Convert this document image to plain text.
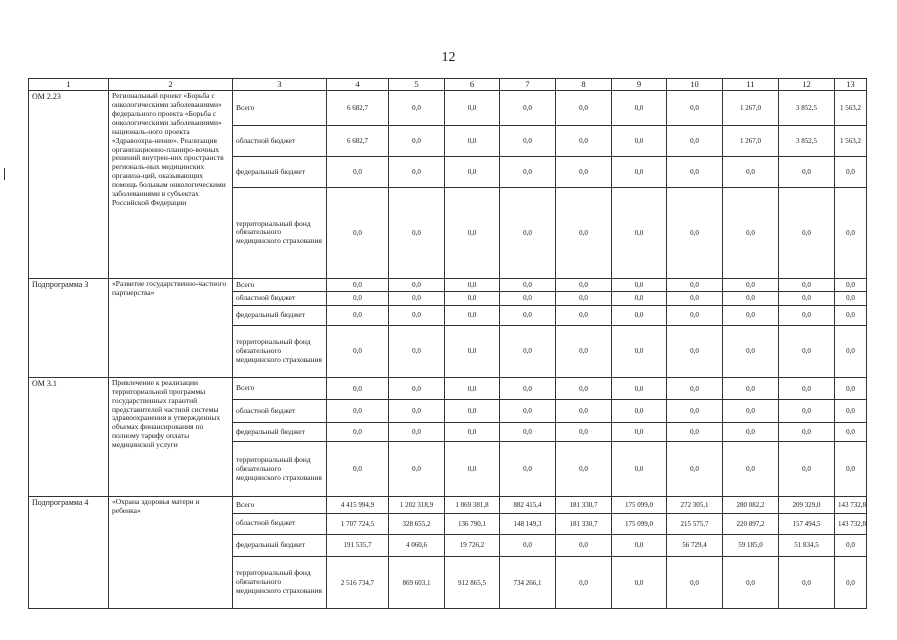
12
1	2	3	4	5	6	7	8	9	10	11	12	13
ОМ 2.23	Региональный проект «Борьба с онкологическими заболеваниями» федерального проекта «Борьба с онкологическими заболеваниями» националь-ного проекта «Здравоохра-нение». Реализация организационно-планиро-вочных решений внутрен-них пространств региональ-ных медицинских организа-ций, оказывающих помощь больным онкологическими заболеваниями в субъектах Российской Федерации	Всего	6 682,7	0,0	0,0	0,0	0,0	0,0	0,0	1 267,0	3 852,5	1 563,2
		областной бюджет	6 682,7	0,0	0,0	0,0	0,0	0,0	0,0	1 267,0	3 852,5	1 563,2
		федеральный бюджет	0,0	0,0	0,0	0,0	0,0	0,0	0,0	0,0	0,0	0,0
		территориальный фонд обязательного медицинского страхования	0,0	0,0	0,0	0,0	0,0	0,0	0,0	0,0	0,0	0,0
Подпрограмма 3	«Развитие государственно-частного партнерства»	Всего	0,0	0,0	0,0	0,0	0,0	0,0	0,0	0,0	0,0	0,0
		областной бюджет	0,0	0,0	0,0	0,0	0,0	0,0	0,0	0,0	0,0	0,0
		федеральный бюджет	0,0	0,0	0,0	0,0	0,0	0,0	0,0	0,0	0,0	0,0
		территориальный фонд обязательного медицинского страхования	0,0	0,0	0,0	0,0	0,0	0,0	0,0	0,0	0,0	0,0
ОМ 3.1	Привлечение к реализации территориальной программы государственных гарантий представителей частной системы здравоохранения в утвержденных объемах финансирования по полному тарифу оплаты медицинской услуги	Всего	0,0	0,0	0,0	0,0	0,0	0,0	0,0	0,0	0,0	0,0
		областной бюджет	0,0	0,0	0,0	0,0	0,0	0,0	0,0	0,0	0,0	0,0
		федеральный бюджет	0,0	0,0	0,0	0,0	0,0	0,0	0,0	0,0	0,0	0,0
		территориальный фонд обязательного медицинского страхования	0,0	0,0	0,0	0,0	0,0	0,0	0,0	0,0	0,0	0,0
Подпрограмма 4	«Охрана здоровья матери и ребенка»	Всего	4 415 994,9	1 202 318,9	1 069 381,8	882 415,4	181 330,7	175 099,0	272 305,1	280 082,2	209 329,0	143 732,8
		областной бюджет	1 707 724,5	328 655,2	136 790,1	148 149,3	181 330,7	175 099,0	215 575,7	220 897,2	157 494,5	143 732,8
		федеральный бюджет	191 535,7	4 060,6	19 726,2	0,0	0,0	0,0	56 729,4	59 185,0	51 834,5	0,0
		территориальный фонд обязательного медицинского страхования	2 516 734,7	869 603,1	912 865,5	734 266,1	0,0	0,0	0,0	0,0	0,0	0,0
